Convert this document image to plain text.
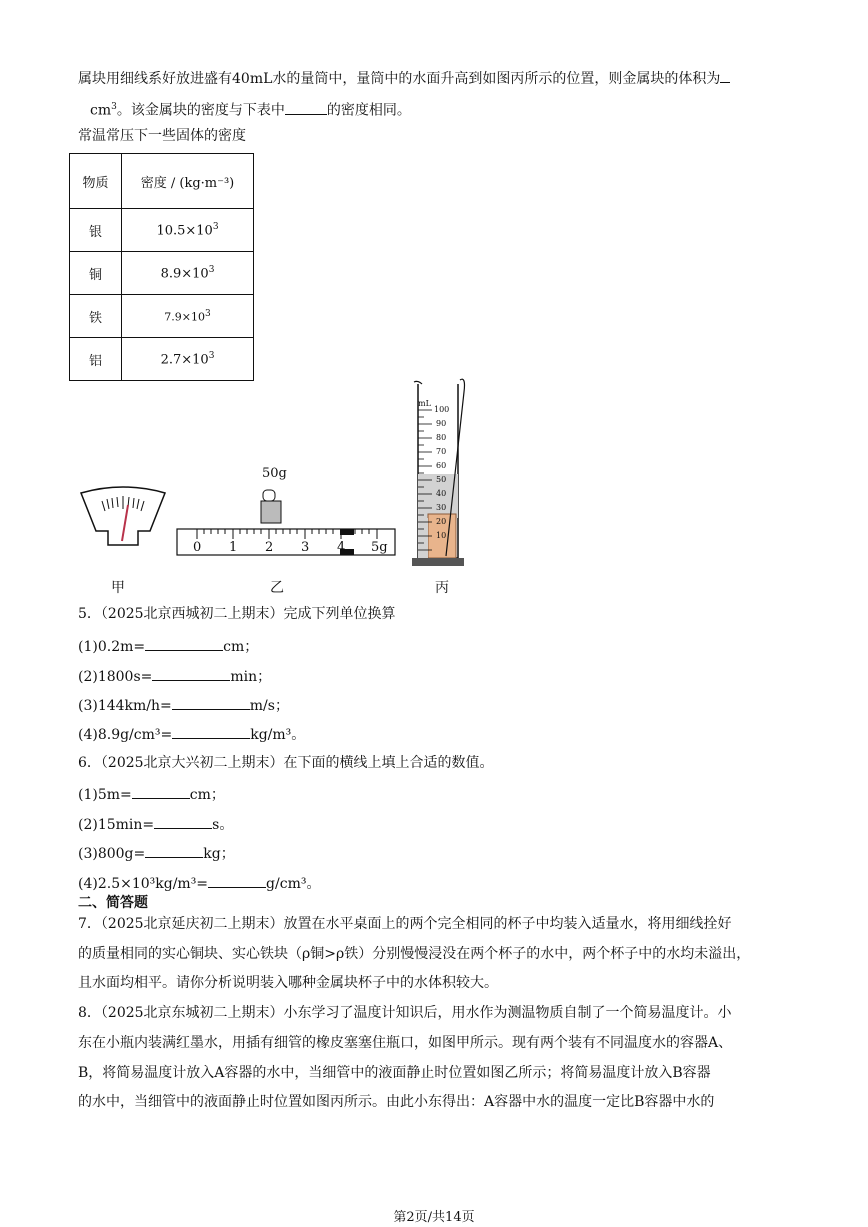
属块用细线系好放进盛有40mL水的量筒中，量筒中的水面升高到如图丙所示的位置，则金属块的体积为
$cm^3$。该金属块的密度与下表中	的密度相同。
常温常压下一些固体的密度
物质	密度 / (kg·m⁻³)
银	$10.5\times 10^3$
铜	$8.9\times 10^3$
铁	$7.9\times 10^3$
铝	$2.7\times 10^3$
甲
50g
0 1 2 3 4 5g
乙
mL
100
90
80
70
60
50
40
30
20
10
丙
5．（2025北京西城初二上期末）完成下列单位换算
(1)0.2m=	cm；
(2)1800s=	min；
(3)144km/h=	m/s；
(4)8.9g/cm³=	kg/m³。
6．（2025北京大兴初二上期末）在下面的横线上填上合适的数值。
(1)5m=	cm；
(2)15min=	s。
(3)800g=	kg；
(4)2.5×10³kg/m³=	g/cm³。
二、简答题
7．（2025北京延庆初二上期末）放置在水平桌面上的两个完全相同的杯子中均装入适量水，将用细线拴好
的质量相同的实心铜块、实心铁块（ρ铜>ρ铁）分别慢慢浸没在两个杯子的水中，两个杯子中的水均未溢出，
且水面均相平。请你分析说明装入哪种金属块杯子中的水体积较大。
8．（2025北京东城初二上期末）小东学习了温度计知识后，用水作为测温物质自制了一个简易温度计。小
东在小瓶内装满红墨水，用插有细管的橡皮塞塞住瓶口，如图甲所示。现有两个装有不同温度水的容器A、
B，将简易温度计放入A容器的水中，当细管中的液面静止时位置如图乙所示；将简易温度计放入B容器
的水中，当细管中的液面静止时位置如图丙所示。由此小东得出：A容器中水的温度一定比B容器中水的
第2页/共14页
